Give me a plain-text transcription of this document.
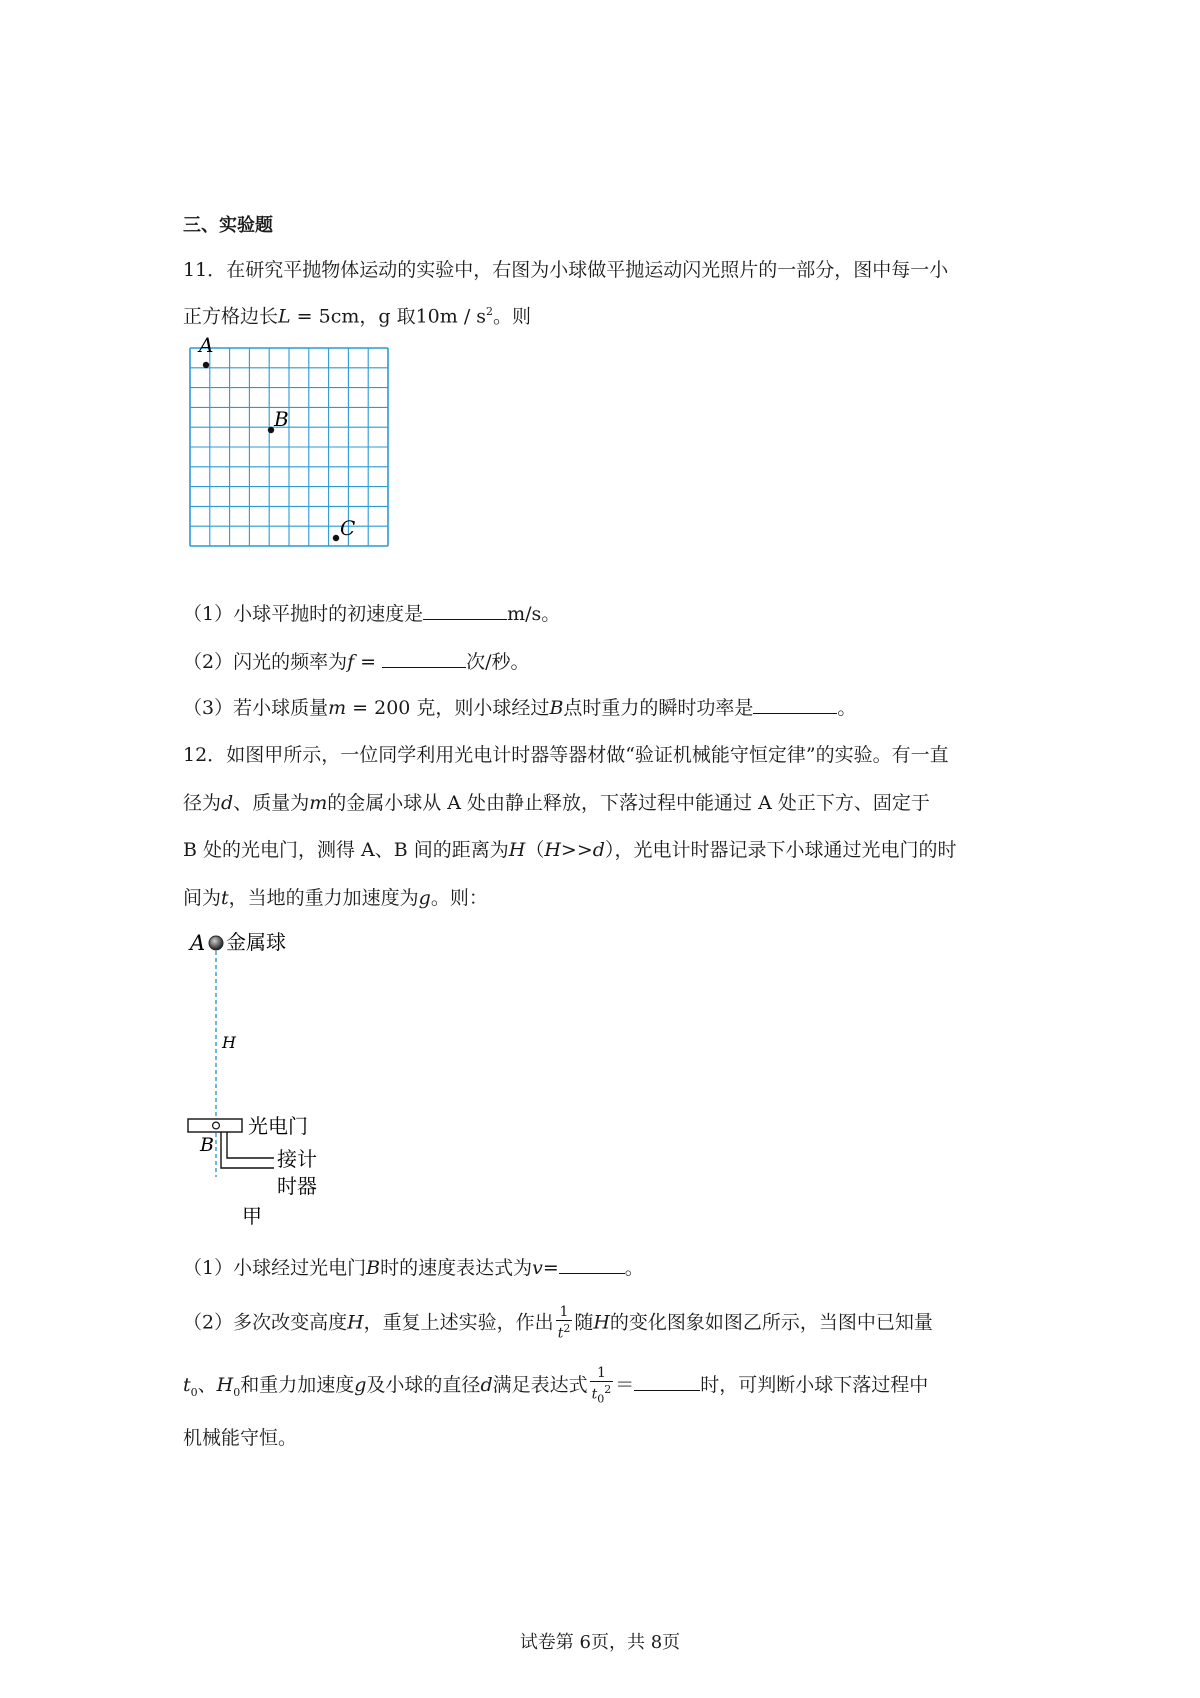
三、实验题
11．在研究平抛物体运动的实验中，右图为小球做平抛运动闪光照片的一部分，图中每一小
正方格边长L = 5cm，g 取$10m / s^2$。则
A
B
C
（1）小球平抛时的初速度是	m/s。
（2）闪光的频率为f =	次/秒。
（3）若小球质量m = 200 克，则小球经过B点时重力的瞬时功率是	。
12．如图甲所示，一位同学利用光电计时器等器材做“验证机械能守恒定律”的实验。有一直
径为d、质量为m的金属小球从 A 处由静止释放，下落过程中能通过 A 处正下方、固定于
B 处的光电门，测得 A、B 间的距离为H（H>>d），光电计时器记录下小球通过光电门的时
间为t，当地的重力加速度为g。则：
A 金属球
H
光电门
B
接计
时器
甲
（1）小球经过光电门B时的速度表达式为v=	。
（2）多次改变高度H，重复上述实验，作出 $\frac{1}{t^2}$ 随H的变化图象如图乙所示，当图中已知量
$t_0$、$H_0$和重力加速度g及小球的直径d满足表达式 $\frac{1}{t_0^2}$ ＝	时，可判断小球下落过程中
机械能守恒。
试卷第 6页，共 8页
